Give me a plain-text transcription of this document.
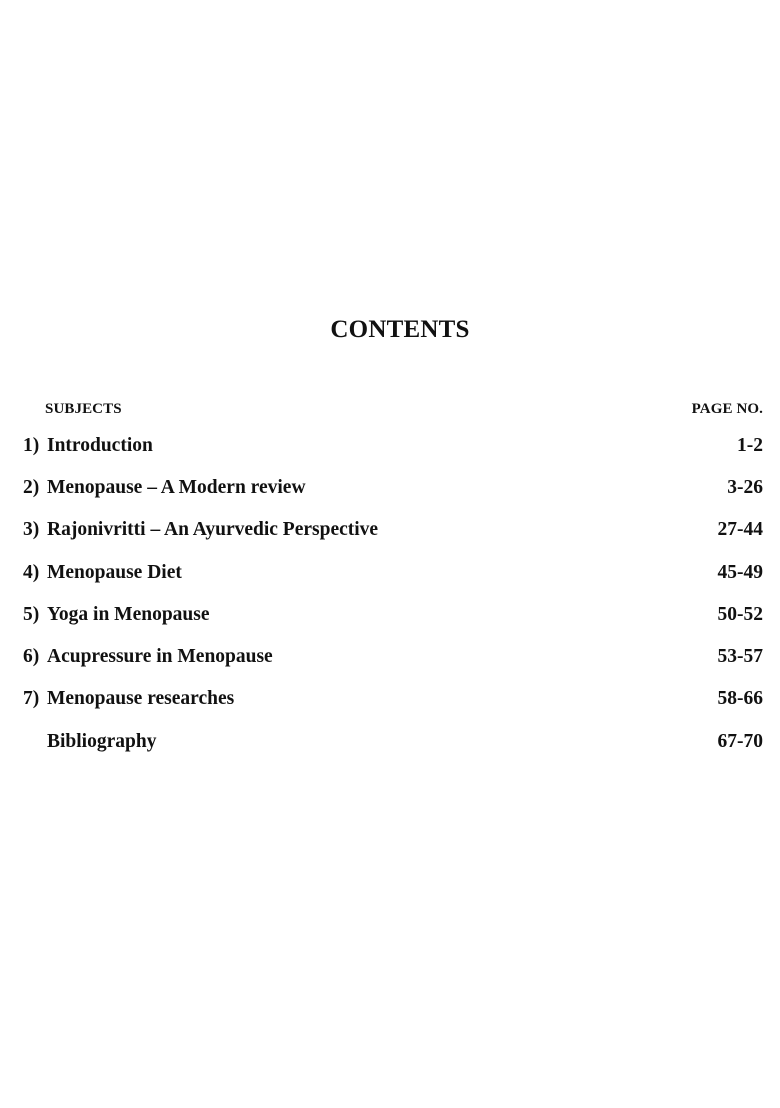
CONTENTS
SUBJECTS	PAGE NO.
1) Introduction	1-2
2) Menopause – A Modern review	3-26
3) Rajonivritti – An Ayurvedic Perspective	27-44
4) Menopause Diet	45-49
5) Yoga in Menopause	50-52
6) Acupressure in Menopause	53-57
7) Menopause researches	58-66
Bibliography	67-70
